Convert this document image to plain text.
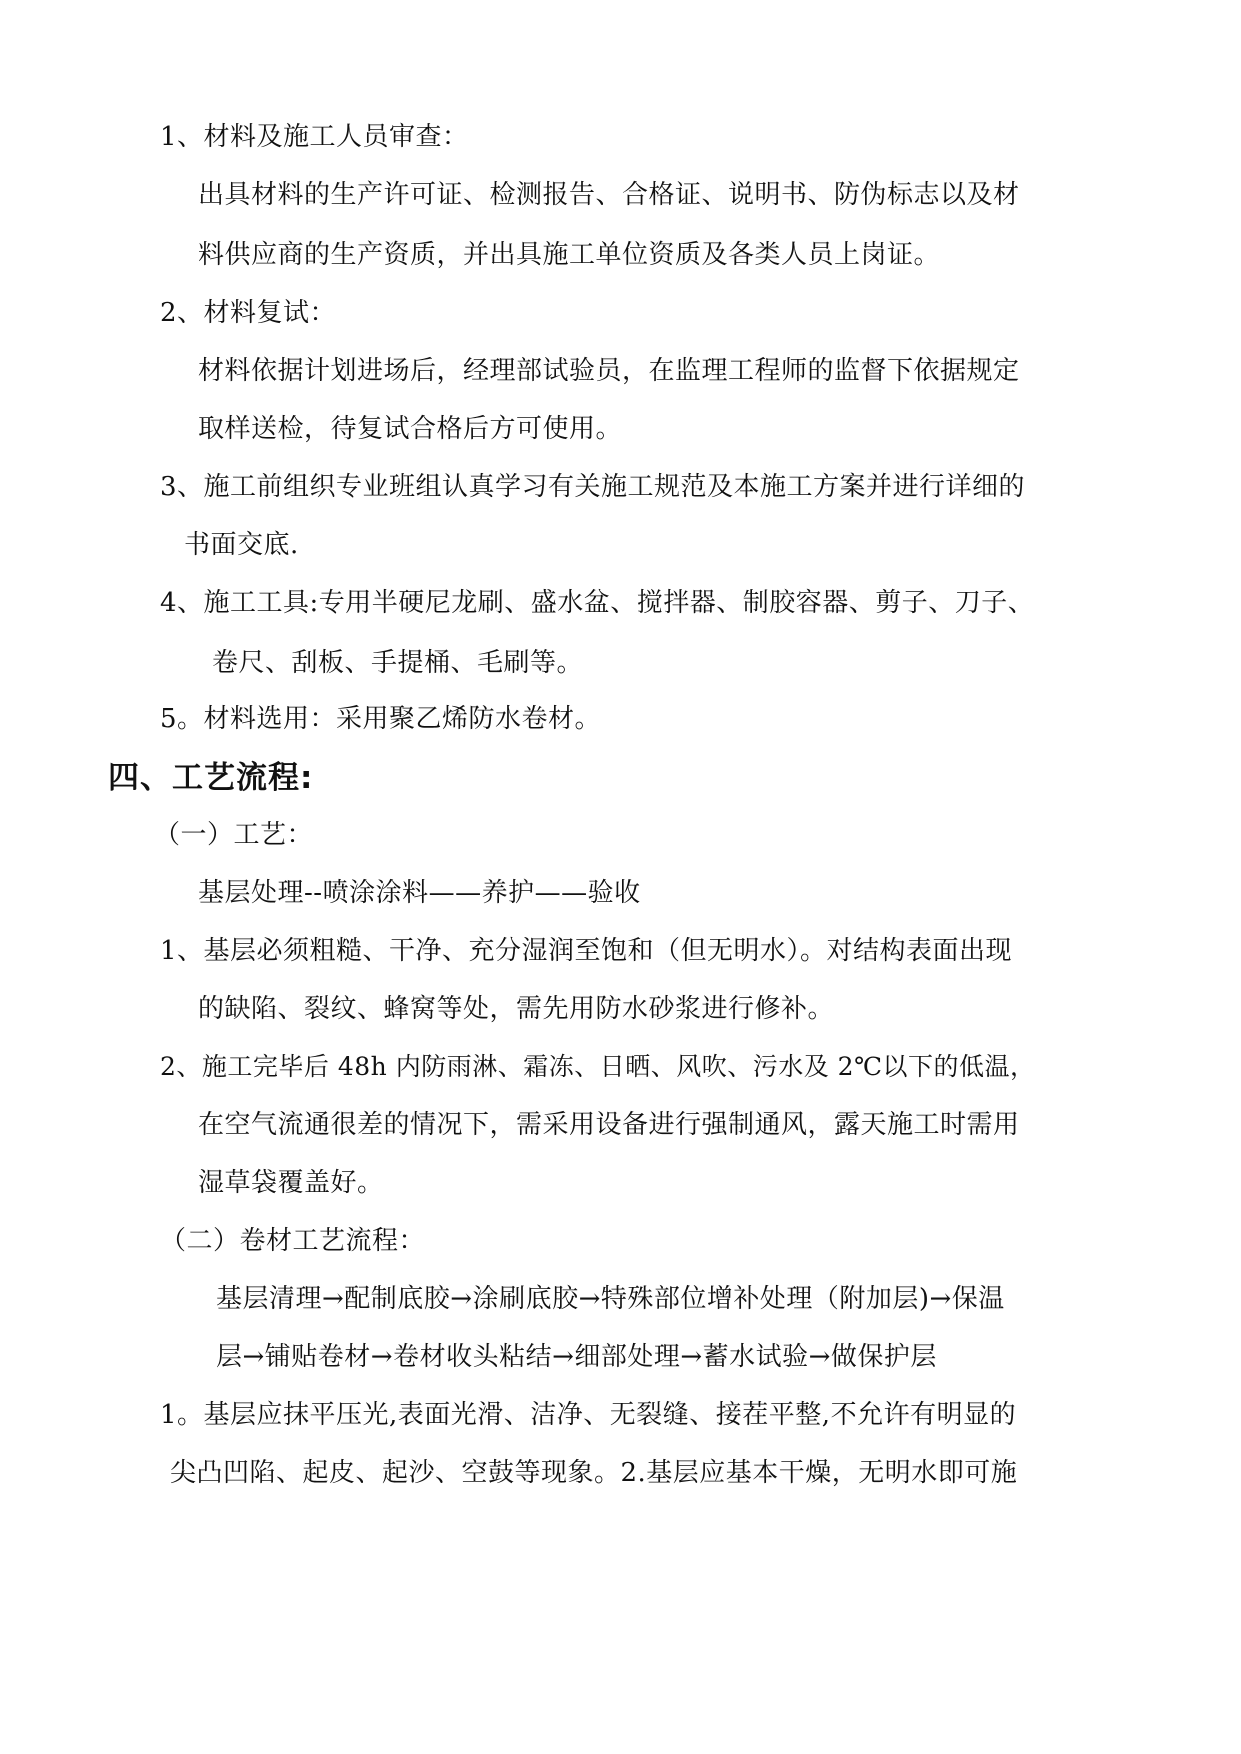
1、材料及施工人员审查：
出具材料的生产许可证、检测报告、合格证、说明书、防伪标志以及材
料供应商的生产资质，并出具施工单位资质及各类人员上岗证。
2、材料复试：
材料依据计划进场后，经理部试验员，在监理工程师的监督下依据规定
取样送检，待复试合格后方可使用。
3、施工前组织专业班组认真学习有关施工规范及本施工方案并进行详细的
书面交底.
4、施工工具:专用半硬尼龙刷、盛水盆、搅拌器、制胶容器、剪子、刀子、
卷尺、刮板、手提桶、毛刷等。
5。材料选用：采用聚乙烯防水卷材。
四、工艺流程:
（一）工艺：
基层处理--喷涂涂料——养护——验收
1、基层必须粗糙、干净、充分湿润至饱和（但无明水）。对结构表面出现
的缺陷、裂纹、蜂窝等处，需先用防水砂浆进行修补。
2、施工完毕后 48h 内防雨淋、霜冻、日晒、风吹、污水及 2℃以下的低温，
在空气流通很差的情况下，需采用设备进行强制通风，露天施工时需用
湿草袋覆盖好。
（二）卷材工艺流程：
基层清理→配制底胶→涂刷底胶→特殊部位增补处理（附加层)→保温
层→铺贴卷材→卷材收头粘结→细部处理→蓄水试验→做保护层
1。基层应抹平压光,表面光滑、洁净、无裂缝、接茬平整,不允许有明显的
尖凸凹陷、起皮、起沙、空鼓等现象。2.基层应基本干燥，无明水即可施
